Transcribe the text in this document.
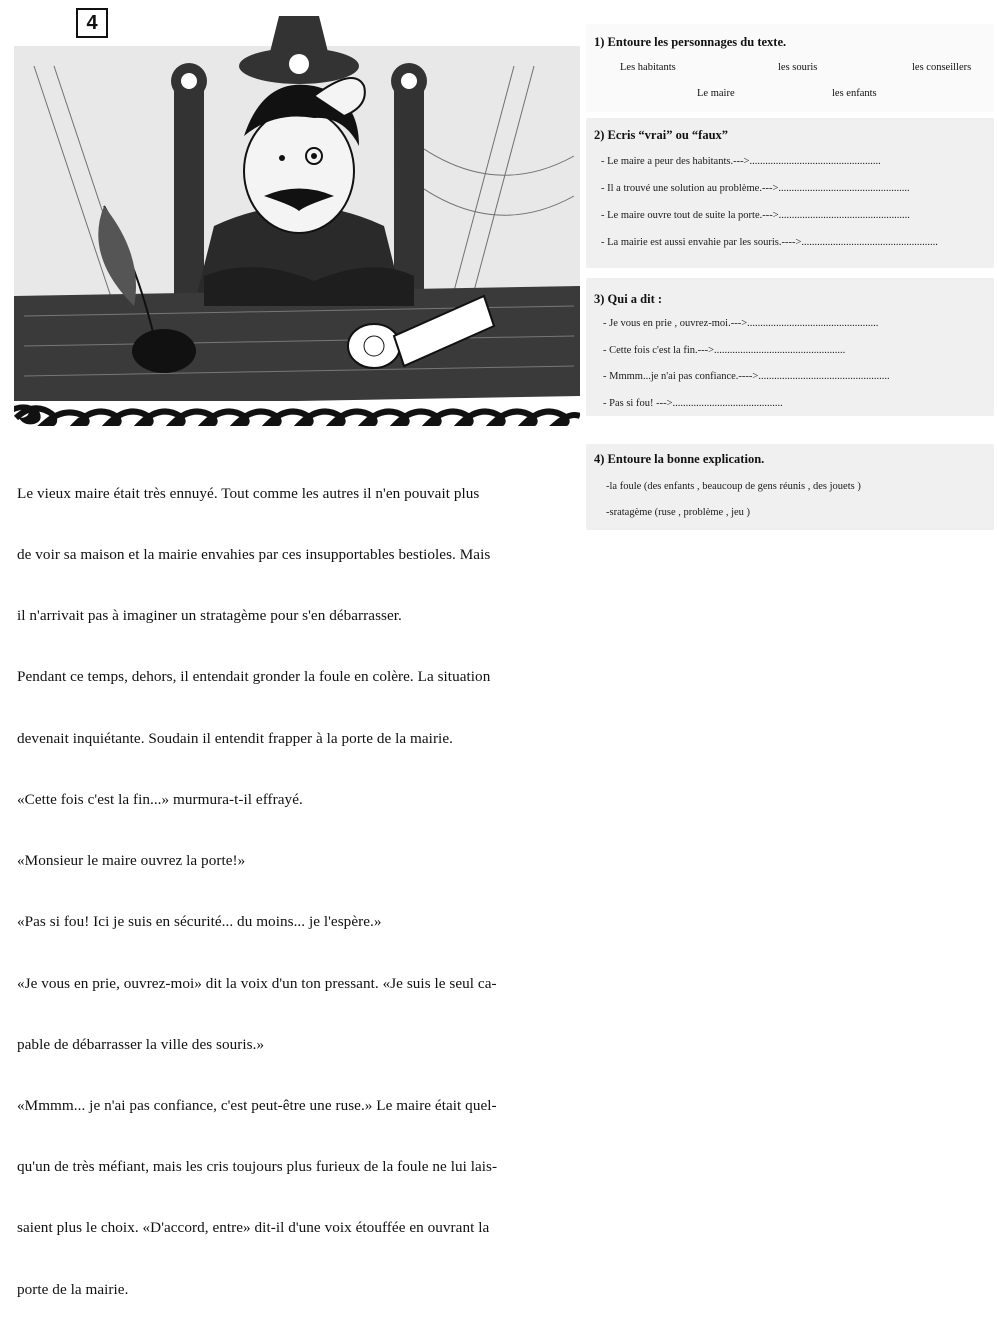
4

Le vieux maire était très ennuyé. Tout comme les autres il n'en pouvait plus

de voir sa maison et la mairie envahies par ces insupportables bestioles. Mais

il n'arrivait pas à imaginer un stratagème pour s'en débarrasser.

Pendant ce temps, dehors, il entendait gronder la foule en colère. La situation

devenait inquiétante. Soudain il entendit frapper à la porte de la mairie.

«Cette fois c'est la fin...» murmura-t-il effrayé.

«Monsieur le maire ouvrez la porte!»

«Pas si fou! Ici je suis en sécurité... du moins... je l'espère.»

«Je vous en prie, ouvrez-moi» dit la voix d'un ton pressant. «Je suis le seul ca-

pable de débarrasser la ville des souris.»

«Mmmm... je n'ai pas confiance, c'est peut-être une ruse.» Le maire était quel-

qu'un de très méfiant, mais les cris toujours plus furieux de la foule ne lui lais-

saient plus le choix. «D'accord, entre» dit-il d'une voix étouffée en ouvrant la

porte de la mairie.

1) Entoure les personnages du texte.
Les habitants	les souris	les conseillers
Le maire	les enfants
2) Ecris “vrai” ou “faux”
- Le maire a peur des habitants.--->..................................................
- Il a trouvé une solution au problème.--->..................................................
- Le maire ouvre tout de suite la porte.--->..................................................
- La mairie est aussi envahie par les souris.---->....................................................
3) Qui a dit :
- Je vous en prie , ouvrez-moi.--->..................................................
- Cette fois c'est la fin.--->..................................................
- Mmmm...je n'ai pas confiance.---->..................................................
- Pas si fou! --->..........................................
4) Entoure la bonne explication.
-la foule (des enfants , beaucoup de gens réunis , des jouets )
-sratagème (ruse , problème , jeu )
